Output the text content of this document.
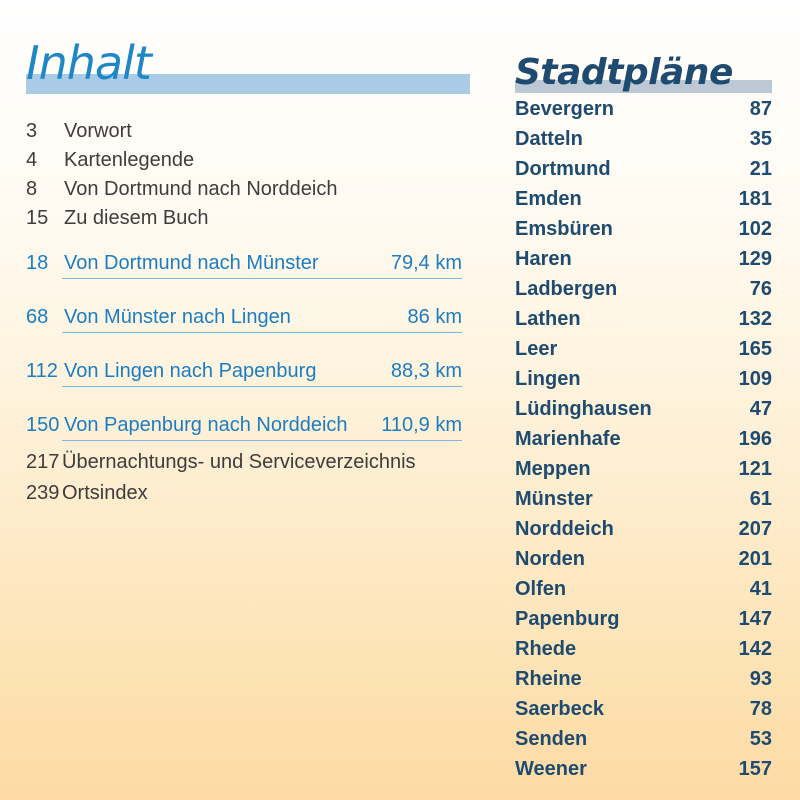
Inhalt
3 Vorwort
4 Kartenlegende
8 Von Dortmund nach Norddeich
15 Zu diesem Buch
18 Von Dortmund nach Münster	79,4 km
68 Von Münster nach Lingen	86 km
112 Von Lingen nach Papenburg	88,3 km
150 Von Papenburg nach Norddeich 110,9 km
217 Übernachtungs- und Serviceverzeichnis
239 Ortsindex
Stadtpläne
Bevergern	87
Datteln	35
Dortmund	21
Emden	181
Emsbüren	102
Haren	129
Ladbergen	76
Lathen	132
Leer	165
Lingen	109
Lüdinghausen	47
Marienhafe	196
Meppen	121
Münster	61
Norddeich	207
Norden	201
Olfen	41
Papenburg	147
Rhede	142
Rheine	93
Saerbeck	78
Senden	53
Weener	157
